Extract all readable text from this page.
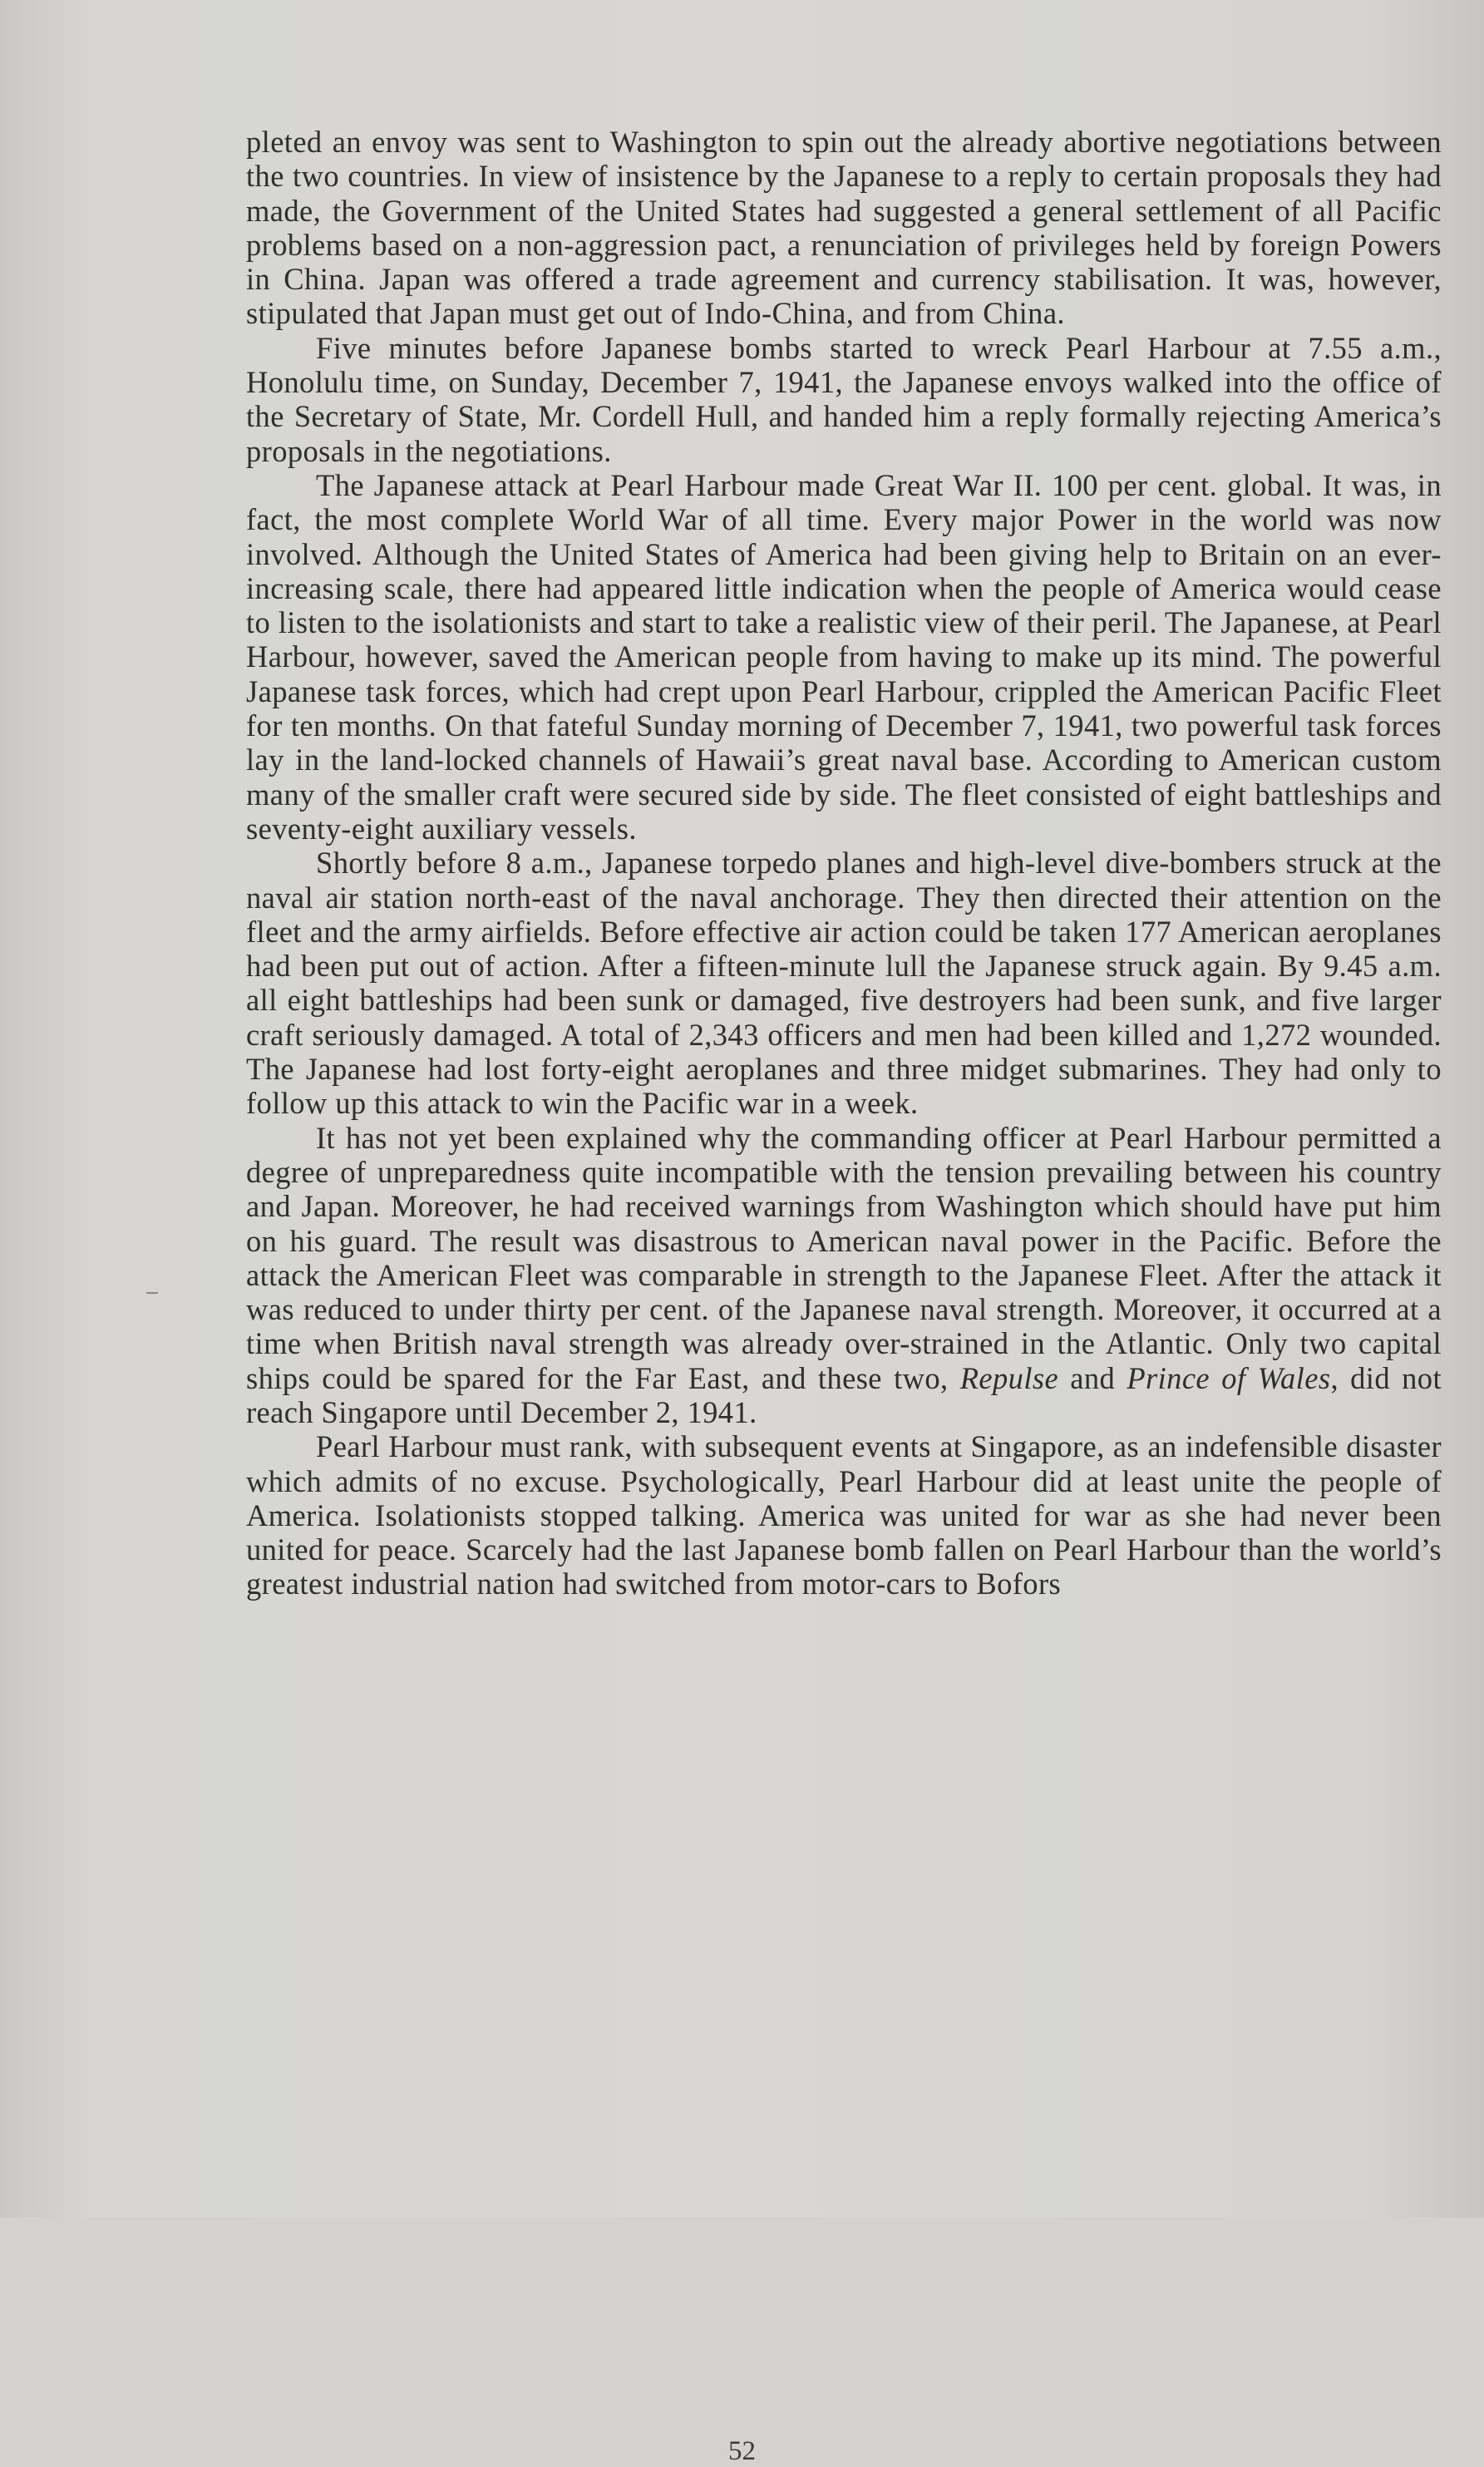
pleted an envoy was sent to Washington to spin out the already abortive negotiations between the two countries. In view of insistence by the Japanese to a reply to certain proposals they had made, the Government of the United States had suggested a general settlement of all Pacific problems based on a non-aggression pact, a renunciation of privileges held by foreign Powers in China. Japan was offered a trade agreement and currency stabilisation. It was, however, stipulated that Japan must get out of Indo-China, and from China.

Five minutes before Japanese bombs started to wreck Pearl Harbour at 7.55 a.m., Honolulu time, on Sunday, December 7, 1941, the Japanese envoys walked into the office of the Secretary of State, Mr. Cordell Hull, and handed him a reply formally rejecting America’s proposals in the negotiations.

The Japanese attack at Pearl Harbour made Great War II. 100 per cent. global. It was, in fact, the most complete World War of all time. Every major Power in the world was now involved. Although the United States of America had been giving help to Britain on an ever-increasing scale, there had appeared little indication when the people of America would cease to listen to the isolationists and start to take a realistic view of their peril. The Japanese, at Pearl Harbour, however, saved the American people from having to make up its mind. The powerful Japanese task forces, which had crept upon Pearl Harbour, crippled the American Pacific Fleet for ten months. On that fateful Sunday morning of December 7, 1941, two powerful task forces lay in the land-locked channels of Hawaii’s great naval base. According to American custom many of the smaller craft were secured side by side. The fleet consisted of eight battleships and seventy-eight auxiliary vessels.

Shortly before 8 a.m., Japanese torpedo planes and high-level dive-bombers struck at the naval air station north-east of the naval anchorage. They then directed their attention on the fleet and the army airfields. Before effective air action could be taken 177 American aeroplanes had been put out of action. After a fifteen-minute lull the Japanese struck again. By 9.45 a.m. all eight battleships had been sunk or damaged, five destroyers had been sunk, and five larger craft seriously damaged. A total of 2,343 officers and men had been killed and 1,272 wounded. The Japanese had lost forty-eight aeroplanes and three midget submarines. They had only to follow up this attack to win the Pacific war in a week.

It has not yet been explained why the commanding officer at Pearl Harbour permitted a degree of unpreparedness quite incompatible with the tension prevailing between his country and Japan. Moreover, he had received warnings from Washington which should have put him on his guard. The result was disastrous to American naval power in the Pacific. Before the attack the American Fleet was comparable in strength to the Japanese Fleet. After the attack it was reduced to under thirty per cent. of the Japanese naval strength. Moreover, it occurred at a time when British naval strength was already over-strained in the Atlantic. Only two capital ships could be spared for the Far East, and these two, Repulse and Prince of Wales, did not reach Singapore until December 2, 1941.

Pearl Harbour must rank, with subsequent events at Singapore, as an indefensible disaster which admits of no excuse. Psychologically, Pearl Harbour did at least unite the people of America. Isolationists stopped talking. America was united for war as she had never been united for peace. Scarcely had the last Japanese bomb fallen on Pearl Harbour than the world’s greatest industrial nation had switched from motor-cars to Bofors

52
